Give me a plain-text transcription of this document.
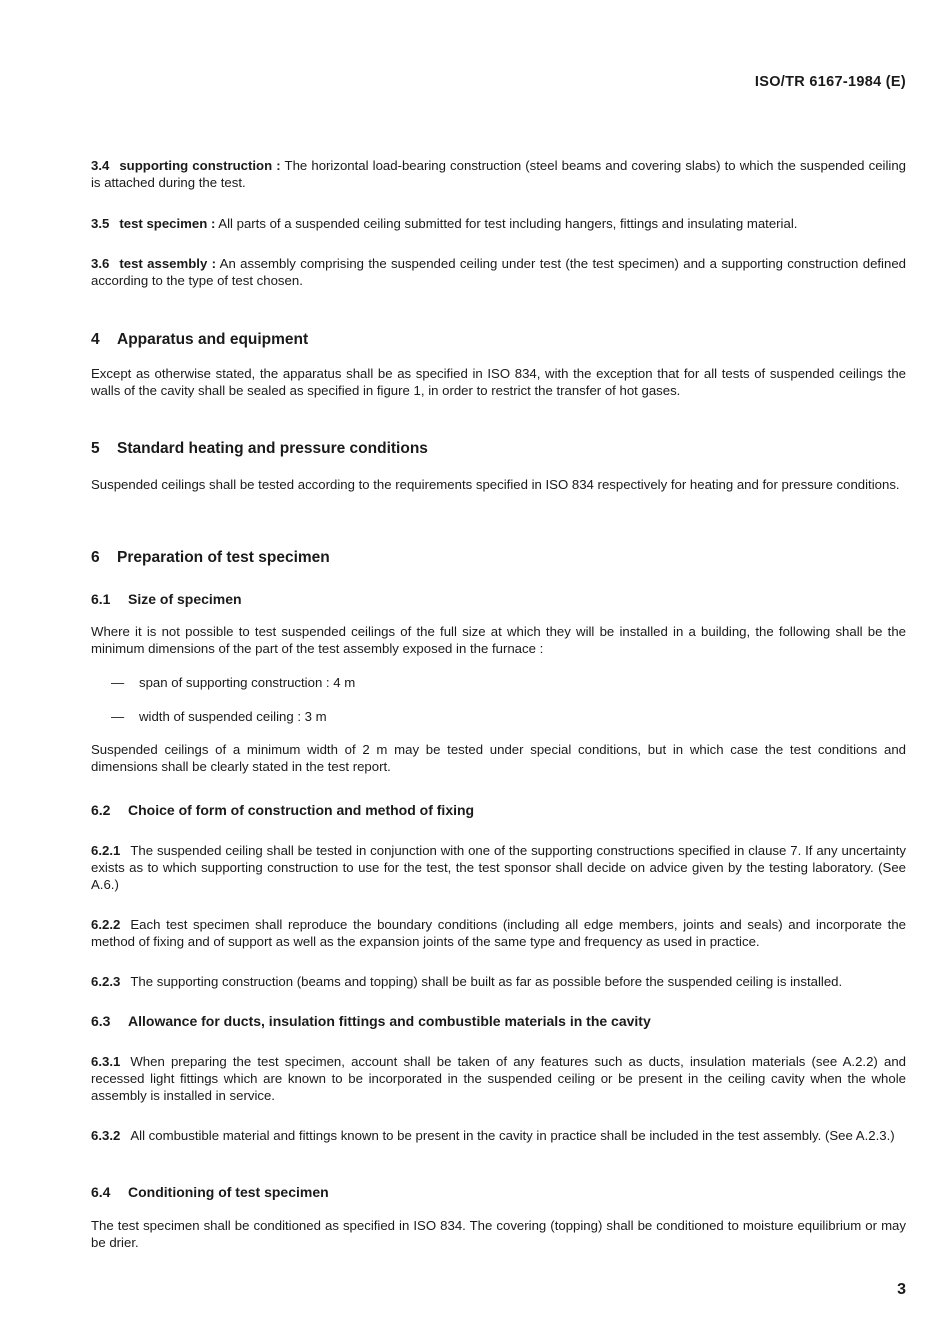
ISO/TR 6167-1984 (E)

3.4 supporting construction : The horizontal load-bearing construction (steel beams and covering slabs) to which the suspended ceiling is attached during the test.

3.5 test specimen : All parts of a suspended ceiling submitted for test including hangers, fittings and insulating material.

3.6 test assembly : An assembly comprising the suspended ceiling under test (the test specimen) and a supporting construction defined according to the type of test chosen.

4 Apparatus and equipment

Except as otherwise stated, the apparatus shall be as specified in ISO 834, with the exception that for all tests of suspended ceilings the walls of the cavity shall be sealed as specified in figure 1, in order to restrict the transfer of hot gases.

5 Standard heating and pressure conditions

Suspended ceilings shall be tested according to the requirements specified in ISO 834 respectively for heating and for pressure conditions.

6 Preparation of test specimen
6.1 Size of specimen

Where it is not possible to test suspended ceilings of the full size at which they will be installed in a building, the following shall be the minimum dimensions of the part of the test assembly exposed in the furnace :

— span of supporting construction : 4 m

— width of suspended ceiling : 3 m

Suspended ceilings of a minimum width of 2 m may be tested under special conditions, but in which case the test conditions and dimensions shall be clearly stated in the test report.

6.2 Choice of form of construction and method of fixing

6.2.1 The suspended ceiling shall be tested in conjunction with one of the supporting constructions specified in clause 7. If any uncertainty exists as to which supporting construction to use for the test, the test sponsor shall decide on advice given by the testing laboratory. (See A.6.)

6.2.2 Each test specimen shall reproduce the boundary conditions (including all edge members, joints and seals) and incorporate the method of fixing and of support as well as the expansion joints of the same type and frequency as used in practice.

6.2.3 The supporting construction (beams and topping) shall be built as far as possible before the suspended ceiling is installed.

6.3 Allowance for ducts, insulation fittings and combustible materials in the cavity

6.3.1 When preparing the test specimen, account shall be taken of any features such as ducts, insulation materials (see A.2.2) and recessed light fittings which are known to be incorporated in the suspended ceiling or be present in the ceiling cavity when the whole assembly is installed in service.

6.3.2 All combustible material and fittings known to be present in the cavity in practice shall be included in the test assembly. (See A.2.3.)

6.4 Conditioning of test specimen

The test specimen shall be conditioned as specified in ISO 834. The covering (topping) shall be conditioned to moisture equilibrium or may be drier.

3
